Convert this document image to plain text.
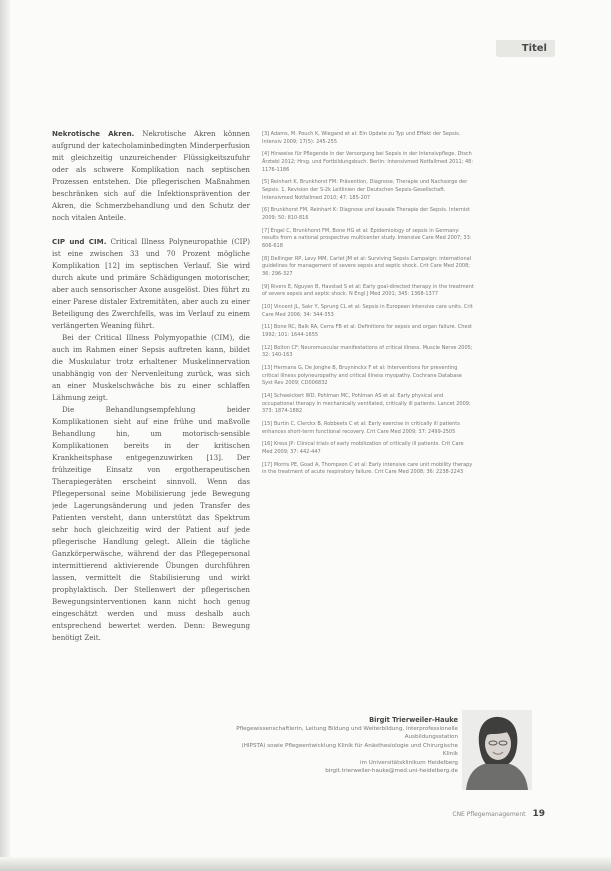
Titel

Nekrotische Akren. Nekrotische Akren können aufgrund der katecholaminbedingten Minderperfusion mit gleichzeitig unzureichender Flüssigkeitszufuhr oder als schwere Komplikation nach septischen Prozessen entstehen. Die pflegerischen Maßnahmen beschränken sich auf die Infektionsprävention der Akren, die Schmerzbehandlung und den Schutz der noch vitalen Anteile.

CIP und CIM. Critical Illness Polyneuropathie (CIP) ist eine zwischen 33 und 70 Prozent mögliche Komplikation [12] im septischen Verlauf. Sie wird durch akute und primäre Schädigungen motorischer, aber auch sensorischer Axone ausgelöst. Dies führt zu einer Parese distaler Extremitäten, aber auch zu einer Beteiligung des Zwerchfells, was im Verlauf zu einem verlängerten Weaning führt.

Bei der Critical Illness Polymyopathie (CIM), die auch im Rahmen einer Sepsis auftreten kann, bildet die Muskulatur trotz erhaltener Muskelinnervation unabhängig von der Nervenleitung zurück, was sich an einer Muskelschwäche bis zu einer schlaffen Lähmung zeigt.

Die Behandlungsempfehlung beider Komplikationen sieht auf eine frühe und maßvolle Behandlung hin, um motorisch-sensible Komplikationen bereits in der kritischen Krankheitsphase entgegenzuwirken [13]. Der frühzeitige Einsatz von ergotherapeutischen Therapiegeräten erscheint sinnvoll. Wenn das Pflegepersonal seine Mobilisierung jede Bewegung jede Lagerungsänderung und jeden Transfer des Patienten versteht, dann unterstützt das Spektrum sehr hoch gleichzeitig wird der Patient auf jede pflegerische Handlung gelegt. Allein die tägliche Ganzkörperwäsche, während der das Pflegepersonal intermittierend aktivierende Übungen durchführen lassen, vermittelt die Stabilisierung und wirkt prophylaktisch. Der Stellenwert der pflegerischen Bewegungsinterventionen kann nicht hoch genug eingeschätzt werden und muss deshalb auch entsprechend bewertet werden. Denn: Bewegung benötigt Zeit.

[3] Adams, M. Pouch K, Wiegand et al: Ein Update zu Typ und Effekt der Sepsis. Intensiv 2009; 17(5): 245-255
[4] Hinweise für Pflegende in der Versorgung bei Sepsis in der Intensivpflege. Dtsch Ärztebl 2012; Hrsg. und Fortbildungsbuch. Berlin: Intensivmed Notfallmed 2011; 48: 1176-1186
[5] Reinhart K, Brunkhorst FM: Prävention, Diagnose, Therapie und Nachsorge der Sepsis. 1. Revision der S-2k Leitlinien der Deutschen Sepsis-Gesellschaft. Intensivmed Notfallmed 2010; 47: 185-207
[6] Brunkhorst FM, Reinhart K: Diagnose und kausale Therapie der Sepsis. Internist 2009; 50: 810-816
[7] Engel C, Brunkhorst FM, Bone HG et al: Epidemiology of sepsis in Germany: results from a national prospective multicenter study. Intensive Care Med 2007; 33: 606-618
[8] Dellinger RP, Levy MM, Carlet JM et al: Surviving Sepsis Campaign: international guidelines for management of severe sepsis and septic shock. Crit Care Med 2008; 36: 296-327
[9] Rivers E, Nguyen B, Havstad S et al: Early goal-directed therapy in the treatment of severe sepsis and septic shock. N Engl J Med 2001; 345: 1368-1377
[10] Vincent JL, Sakr Y, Sprung CL et al: Sepsis in European intensive care units. Crit Care Med 2006; 34: 344-353
[11] Bone RC, Balk RA, Cerra FB et al: Definitions for sepsis and organ failure. Chest 1992; 101: 1644-1655
[12] Bolton CF: Neuromuscular manifestations of critical illness. Muscle Nerve 2005; 32: 140-163
[13] Hermans G, De Jonghe B, Bruyninckx F et al: Interventions for preventing critical illness polyneuropathy and critical illness myopathy. Cochrane Database Syst Rev 2009; CD006832
[14] Schweickert WD, Pohlman MC, Pohlman AS et al: Early physical and occupational therapy in mechanically ventilated, critically ill patients. Lancet 2009; 373: 1874-1882
[15] Burtin C, Clerckx B, Robbeets C et al: Early exercise in critically ill patients enhances short-term functional recovery. Crit Care Med 2009; 37: 2499-2505
[16] Kress JP: Clinical trials of early mobilization of critically ill patients. Crit Care Med 2009; 37: 442-447
[17] Morris PE, Goad A, Thompson C et al: Early intensive care unit mobility therapy in the treatment of acute respiratory failure. Crit Care Med 2008; 36: 2238-2243
Birgit Trierweiler-Hauke
Pflegewissenschaftlerin, Leitung Bildung und Weiterbildung, Interprofessionelle Ausbildungsstation
(HIPSTA) sowie Pflegeentwicklung Klinik für Anästhesiologie und Chirurgische Klinik
im Universitätsklinikum Heidelberg
birgit.trierweiler-hauke@med.uni-heidelberg.de
CNE Pflegemanagement 19
